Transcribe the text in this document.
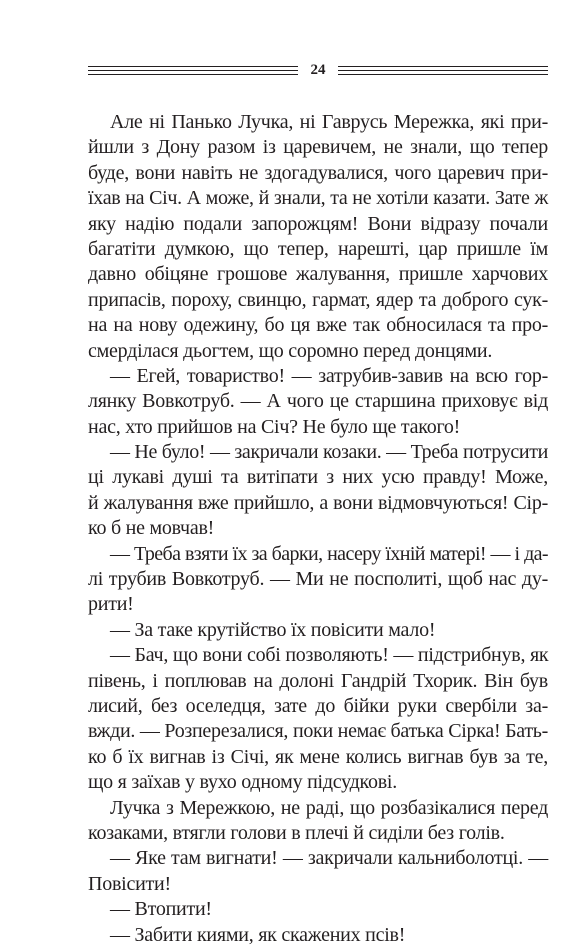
24
Але ні Панько Лучка, ні Гаврусь Мережка, які при-
йшли з Дону разом із царевичем, не знали, що тепер
буде, вони навіть не здогадувалися, чого царевич при-
їхав на Січ. А може, й знали, та не хотіли казати. Зате ж
яку надію подали запорожцям! Вони відразу почали
багатіти думкою, що тепер, нарешті, цар пришле їм
давно обіцяне грошове жалування, пришле харчових
припасів, пороху, свинцю, гармат, ядер та доброго сук-
на на нову одежину, бо ця вже так обносилася та про-
смерділася дьогтем, що соромно перед донцями.
— Егей, товариство! — затрубив-завив на всю гор-
лянку Вовкотруб. — А чого це старшина приховує від
нас, хто прийшов на Січ? Не було ще такого!
— Не було! — закричали козаки. — Треба потрусити
ці лукаві душі та витіпати з них усю правду! Може,
й жалування вже прийшло, а вони відмовчуються! Сір-
ко б не мовчав!
— Треба взяти їх за барки, насеру їхній матері! — і да-
лі трубив Вовкотруб. — Ми не посполиті, щоб нас ду-
рити!
— За таке крутійство їх повісити мало!
— Бач, що вони собі позволяють! — підстрибнув, як
півень, і поплював на долоні Гандрій Тхорик. Він був
лисий, без оселедця, зате до бійки руки свербіли за-
вжди. — Розперезалися, поки немає батька Сірка! Бать-
ко б їх вигнав із Січі, як мене колись вигнав був за те,
що я заїхав у вухо одному підсудкові.
Лучка з Мережкою, не раді, що розбазікалися перед
козаками, втягли голови в плечі й сиділи без голів.
— Яке там вигнати! — закричали кальниболотці. —
Повісити!
— Втопити!
— Забити киями, як скажених псів!
